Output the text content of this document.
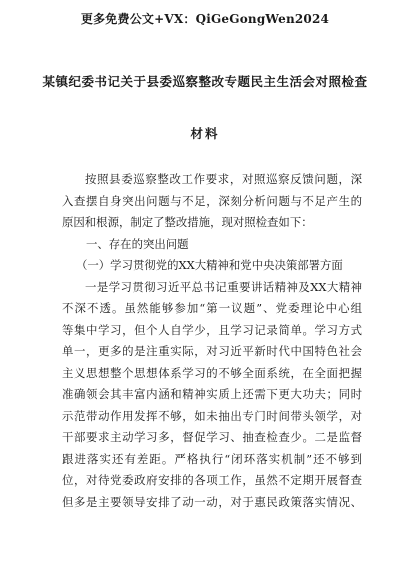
更多免费公文+VX：QiGeGongWen2024
某镇纪委书记关于县委巡察整改专题民主生活会对照检查
材料
按照县委巡察整改工作要求，对照巡察反馈问题，深
入查摆自身突出问题与不足，深刻分析问题与不足产生的
原因和根源，制定了整改措施，现对照检查如下：
一、存在的突出问题
（一）学习贯彻党的XX大精神和党中央决策部署方面
一是学习贯彻习近平总书记重要讲话精神及XX大精神
不深不透。虽然能够参加“第一议题”、党委理论中心组
等集中学习，但个人自学少，且学习记录简单。学习方式
单一，更多的是注重实际，对习近平新时代中国特色社会
主义思想整个思想体系学习的不够全面系统，在全面把握
准确领会其丰富内涵和精神实质上还需下更大功夫；同时
示范带动作用发挥不够，如未抽出专门时间带头领学，对
干部要求主动学习多，督促学习、抽查检查少。二是监督
跟进落实还有差距。严格执行“闭环落实机制”还不够到
位，对待党委政府安排的各项工作，虽然不定期开展督查
但多是主要领导安排了动一动，对于惠民政策落实情况、
